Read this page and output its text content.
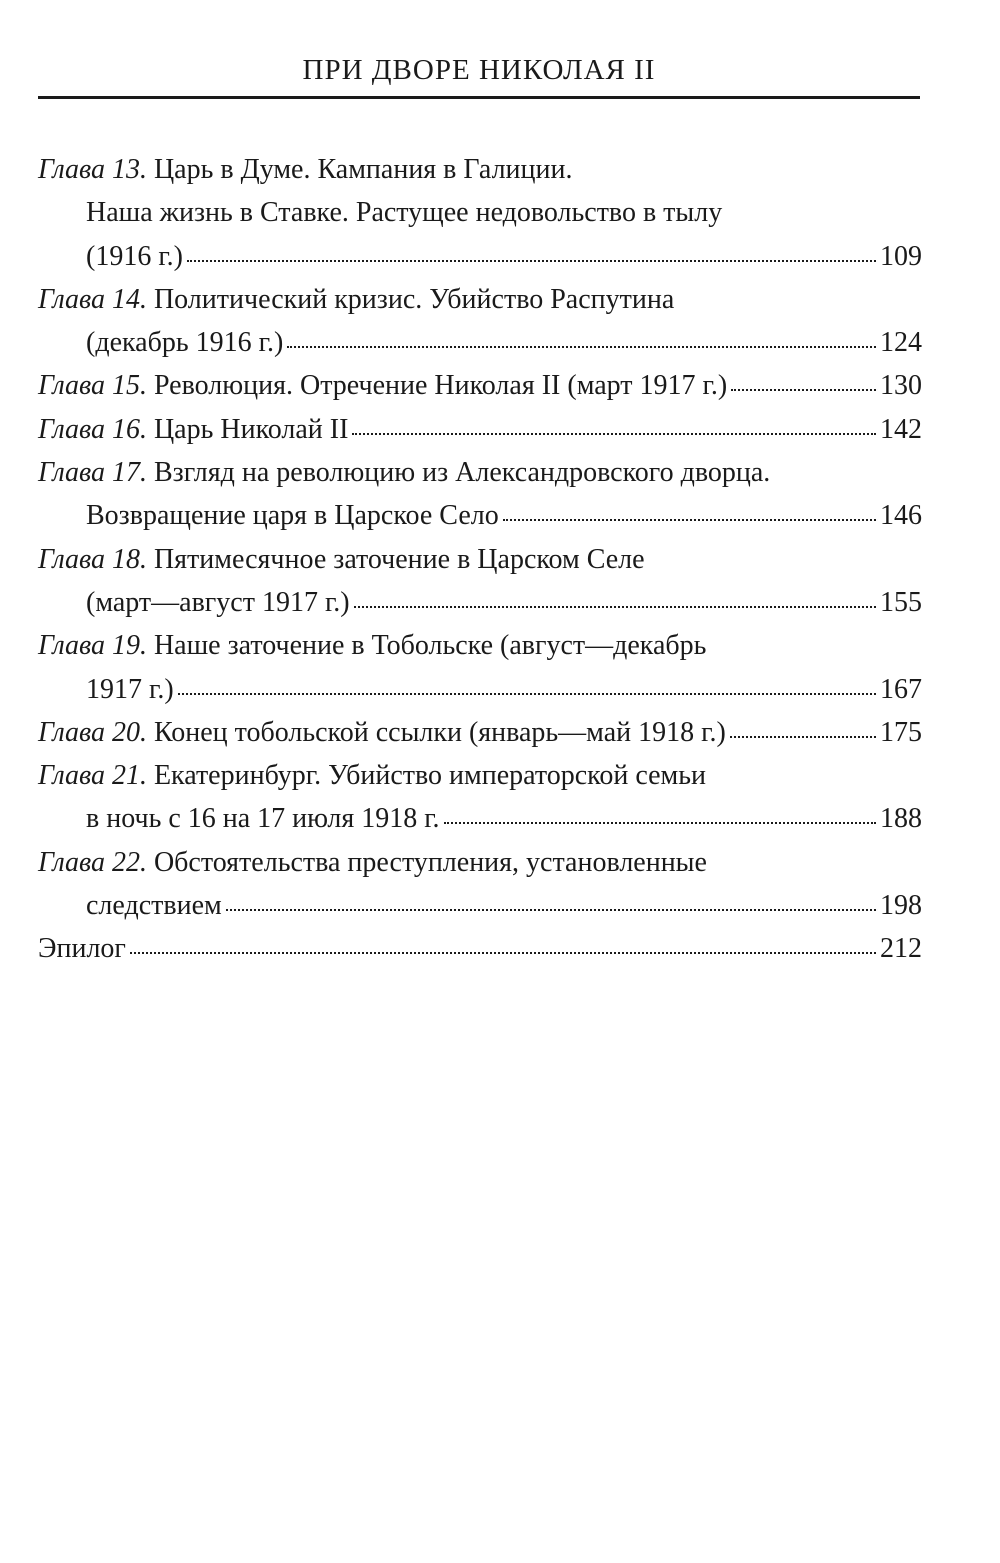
ПРИ ДВОРЕ НИКОЛАЯ II
Глава 13.
Царь в Думе. Кампания в Галиции.
Наша жизнь в Ставке. Растущее недовольство в тылу
(1916 г.)	109
Глава 14.
Политический кризис. Убийство Распутина
(декабрь 1916 г.)	124
Глава 15.
Революция. Отречение Николая II (март 1917 г.)	130
Глава 16.
Царь Николай II	142
Глава 17.
Взгляд на революцию из Александровского дворца.
Возвращение царя в Царское Село	146
Глава 18.
Пятимесячное заточение в Царском Селе
(март—август 1917 г.)	155
Глава 19.
Наше заточение в Тобольске (август—декабрь
1917 г.)	167
Глава 20.
Конец тобольской ссылки (январь—май 1918 г.)	175
Глава 21.
Екатеринбург. Убийство императорской семьи
в ночь с 16 на 17 июля 1918 г.	188
Глава 22.
Обстоятельства преступления, установленные
следствием	198
Эпилог	212
